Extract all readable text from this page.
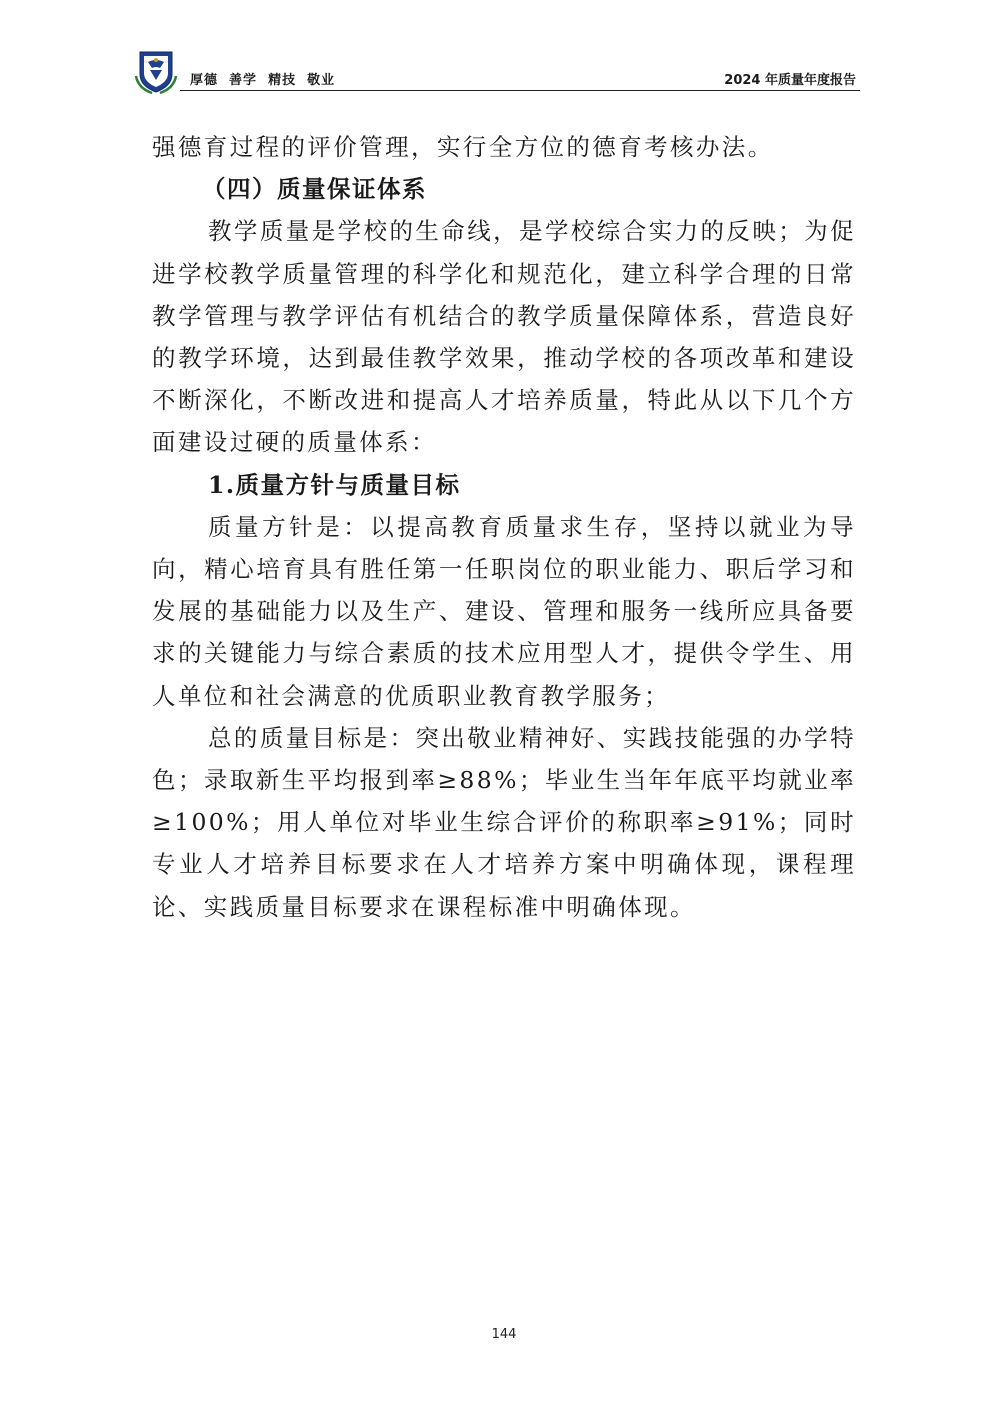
厚德  善学  精技  敬业	2024 年质量年度报告

强德育过程的评价管理，实行全方位的德育考核办法。

（四）质量保证体系

教学质量是学校的生命线，是学校综合实力的反映；为促进学校教学质量管理的科学化和规范化，建立科学合理的日常教学管理与教学评估有机结合的教学质量保障体系，营造良好的教学环境，达到最佳教学效果，推动学校的各项改革和建设不断深化，不断改进和提高人才培养质量，特此从以下几个方面建设过硬的质量体系：

1.质量方针与质量目标

质量方针是：以提高教育质量求生存，坚持以就业为导向，精心培育具有胜任第一任职岗位的职业能力、职后学习和发展的基础能力以及生产、建设、管理和服务一线所应具备要求的关键能力与综合素质的技术应用型人才，提供令学生、用人单位和社会满意的优质职业教育教学服务；

总的质量目标是：突出敬业精神好、实践技能强的办学特色；录取新生平均报到率≥88%；毕业生当年年底平均就业率≥100%；用人单位对毕业生综合评价的称职率≥91%；同时专业人才培养目标要求在人才培养方案中明确体现，课程理论、实践质量目标要求在课程标准中明确体现。

144
